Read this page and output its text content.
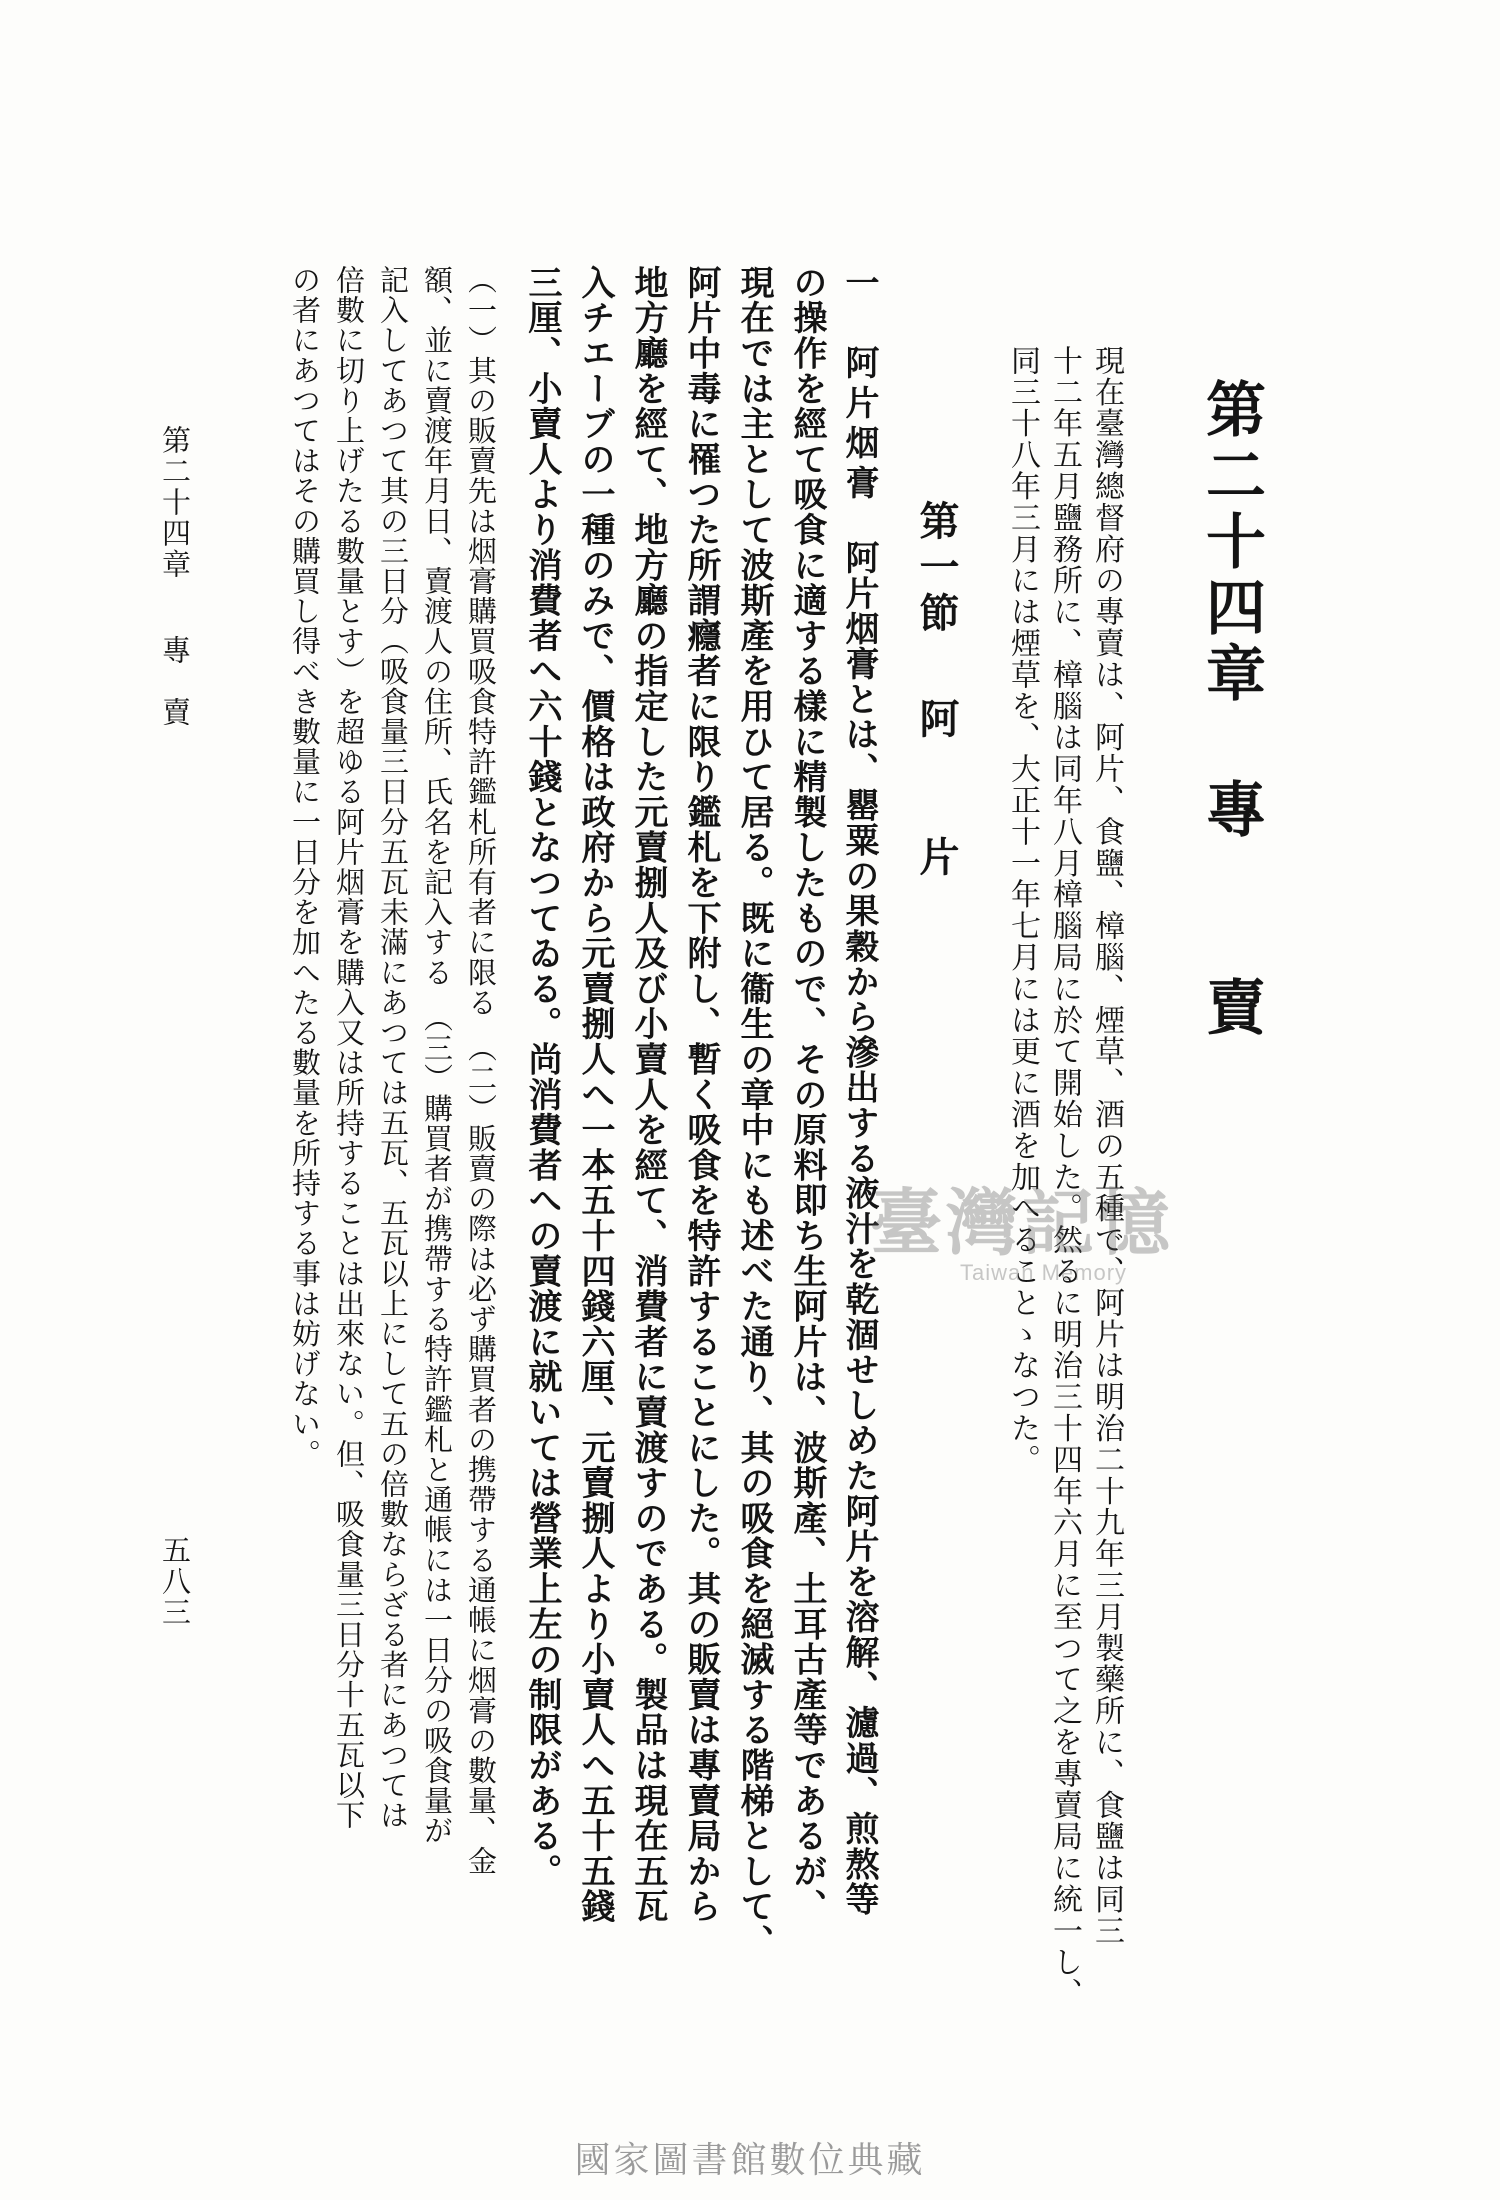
第二十四章專　　賣
現在臺灣總督府の專賣は、阿片、食鹽、樟腦、煙草、酒の五種で、阿片は明治二十九年三月製藥所に、食鹽は同三
十二年五月鹽務所に、樟腦は同年八月樟腦局に於て開始した。然るに明治三十四年六月に至つて之を專賣局に統一し、
同三十八年三月には煙草を、大正十一年七月には更に酒を加へることゝなつた。
第一節阿　　片
一　阿片烟膏　阿片烟膏とは、罌粟の果穀から滲出する液汁を乾涸せしめた阿片を溶解、濾過、煎熬等
の操作を經て吸食に適する樣に精製したもので、その原料即ち生阿片は、波斯產、土耳古產等であるが、
現在では主として波斯產を用ひて居る。既に衞生の章中にも述べた通り、其の吸食を絕滅する階梯として、
阿片中毒に罹つた所謂癮者に限り鑑札を下附し、暫く吸食を特許することにした。其の販賣は專賣局から
地方廳を經て、地方廳の指定した元賣捌人及び小賣人を經て、消費者に賣渡すのである。製品は現在五瓦
入チエーブの一種のみで、價格は政府から元賣捌人へ一本五十四錢六厘、元賣捌人より小賣人へ五十五錢
三厘、小賣人より消費者へ六十錢となつてゐる。尚消費者への賣渡に就いては營業上左の制限がある。
（一）其の販賣先は烟膏購買吸食特許鑑札所有者に限る　（二）販賣の際は必ず購買者の携帶する通帳に烟膏の數量、金
額、並に賣渡年月日、賣渡人の住所、氏名を記入する　（三）購買者が携帶する特許鑑札と通帳には一日分の吸食量が
記入してあつて其の三日分（吸食量三日分五瓦未滿にあつては五瓦、五瓦以上にして五の倍數ならざる者にあつては
倍數に切り上げたる數量とす）を超ゆる阿片烟膏を購入又は所持することは出來ない。但、吸食量三日分十五瓦以下
の者にあつてはその購買し得べき數量に一日分を加へたる數量を所持する事は妨げない。
第二十四章專　賣
五八三
臺灣記憶
Taiwan Memory
國家圖書館數位典藏
